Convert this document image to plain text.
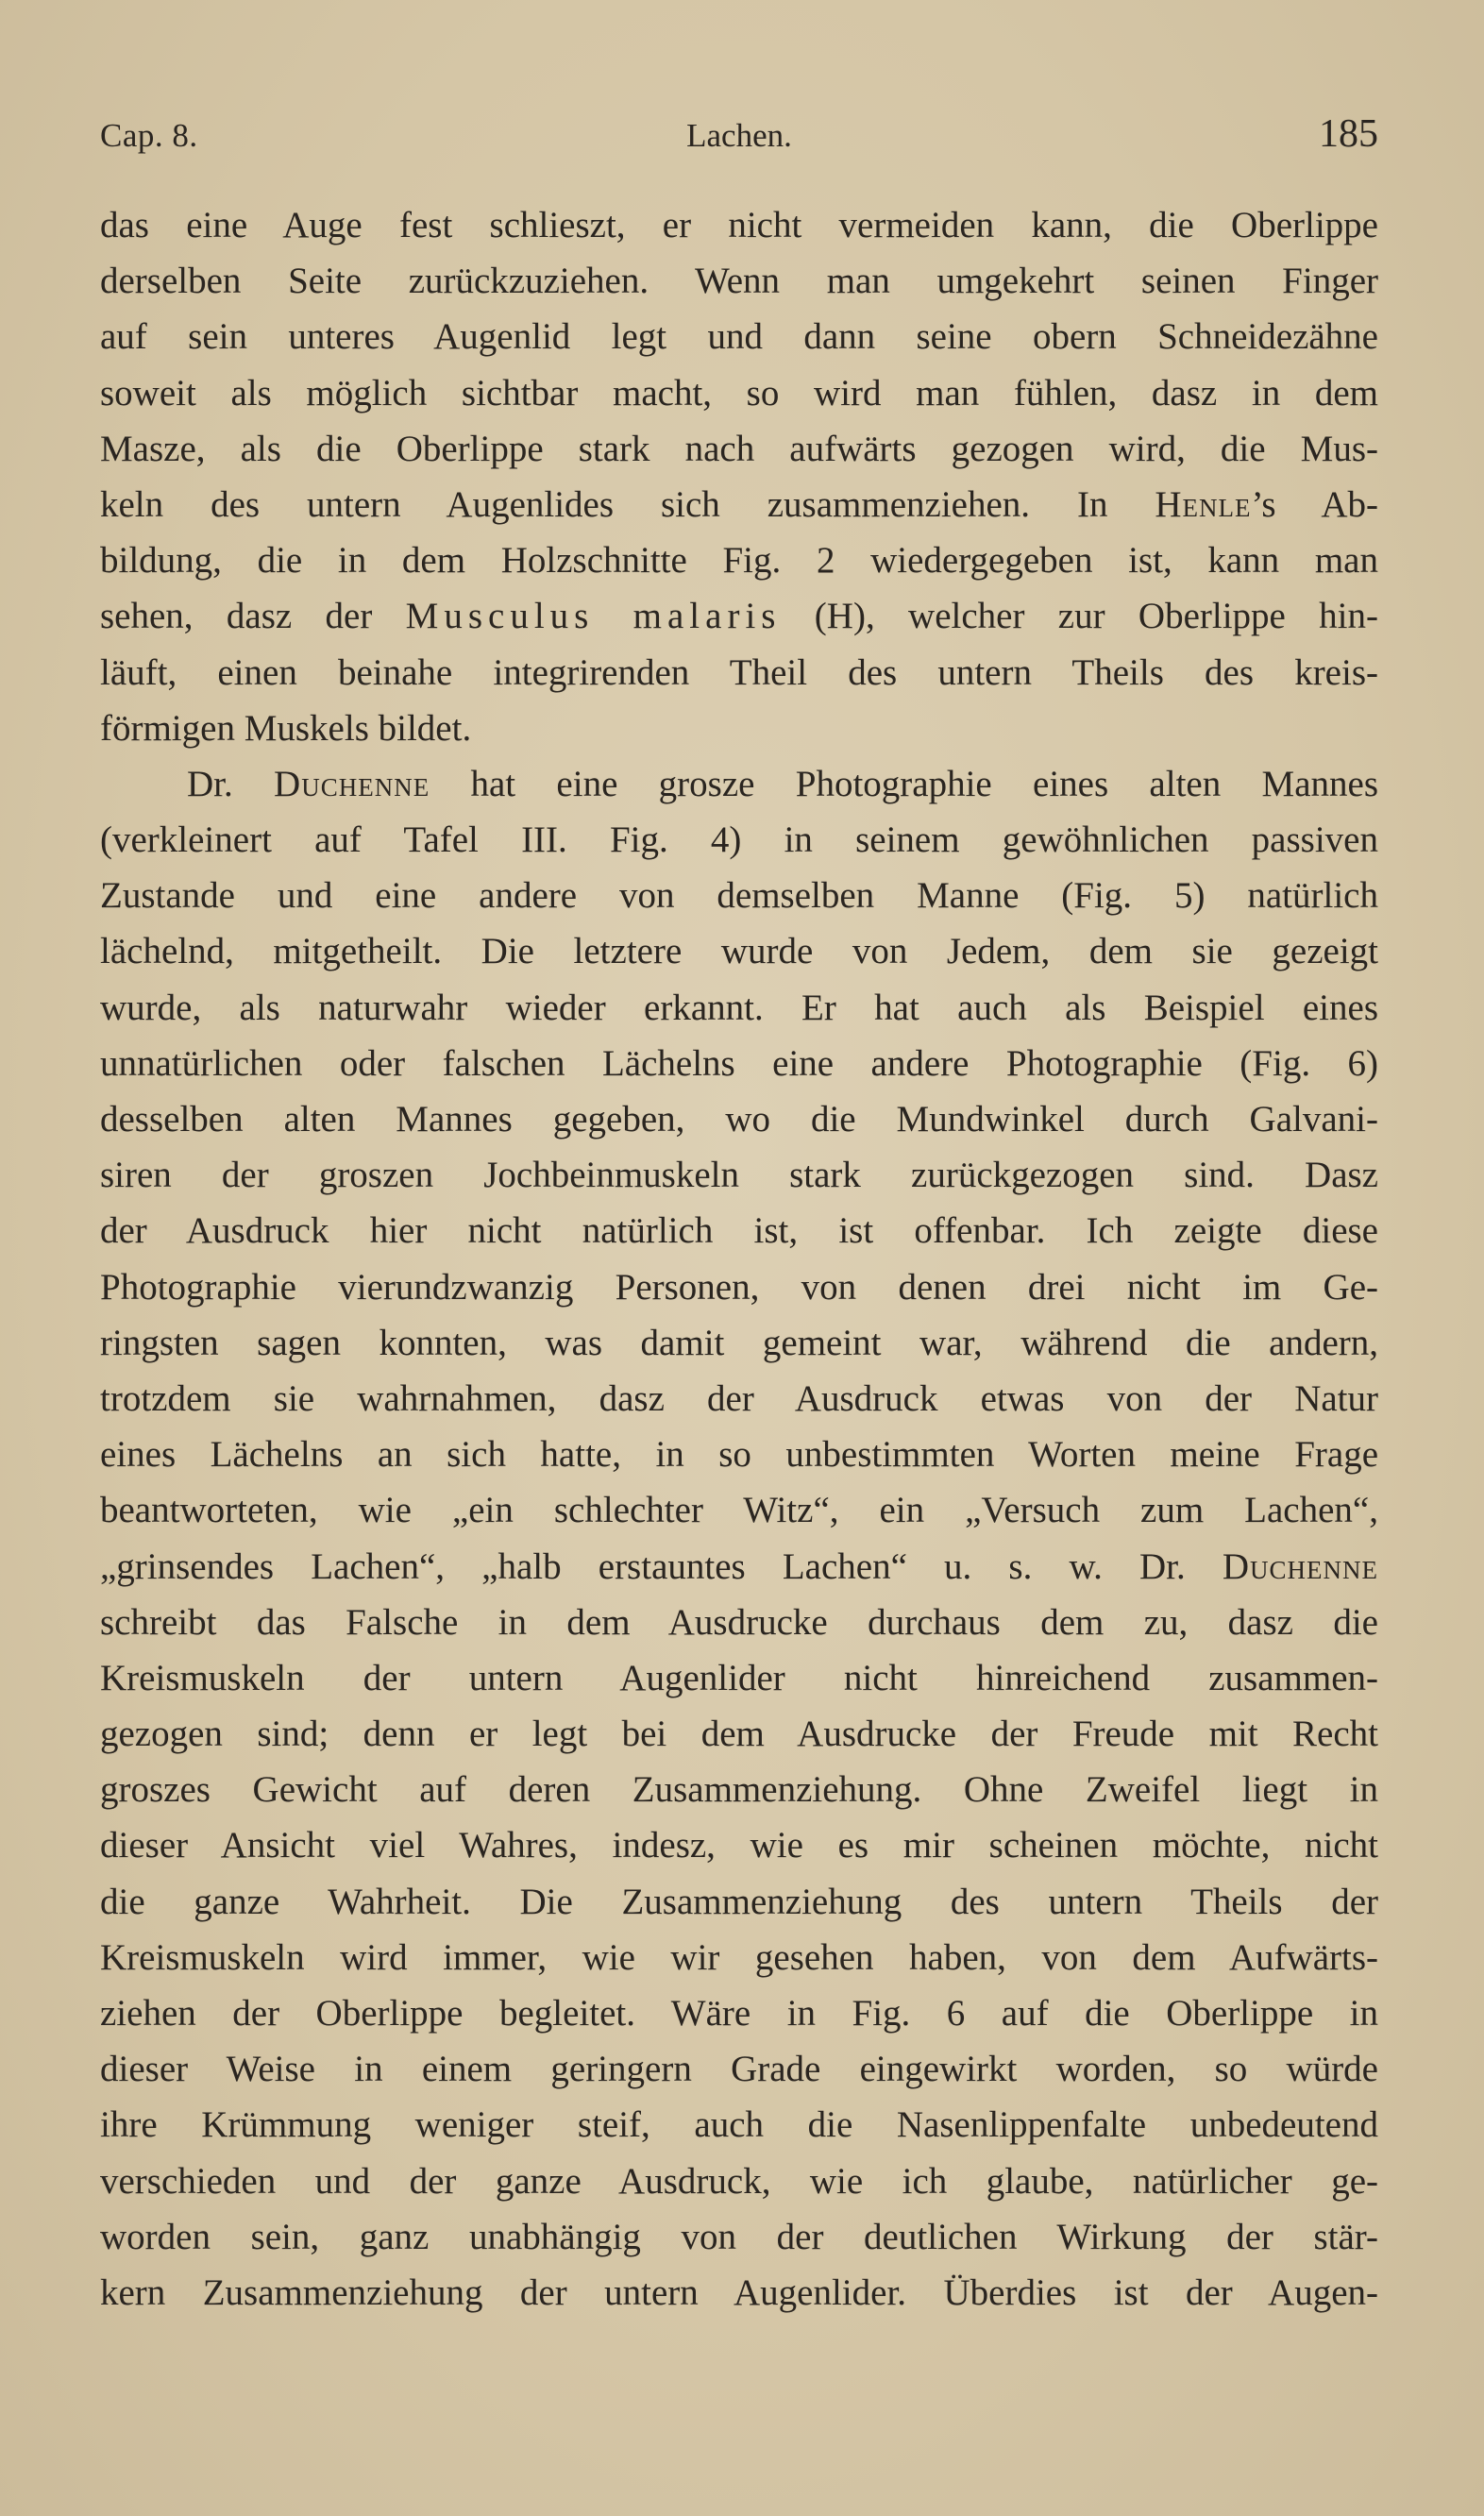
Cap. 8.	Lachen.	185
das eine Auge fest schlieszt, er nicht vermeiden kann, die Oberlippe
derselben Seite zurückzuziehen. Wenn man umgekehrt seinen Finger
auf sein unteres Augenlid legt und dann seine obern Schneidezähne
soweit als möglich sichtbar macht, so wird man fühlen, dasz in dem
Masze, als die Oberlippe stark nach aufwärts gezogen wird, die Mus-
keln des untern Augenlides sich zusammenziehen. In Henle’s Ab-
bildung, die in dem Holzschnitte Fig. 2 wiedergegeben ist, kann man
sehen, dasz der Musculus malaris (H), welcher zur Oberlippe hin-
läuft, einen beinahe integrirenden Theil des untern Theils des kreis-
förmigen Muskels bildet.
Dr. Duchenne hat eine grosze Photographie eines alten Mannes
(verkleinert auf Tafel III. Fig. 4) in seinem gewöhnlichen passiven
Zustande und eine andere von demselben Manne (Fig. 5) natürlich
lächelnd, mitgetheilt. Die letztere wurde von Jedem, dem sie gezeigt
wurde, als naturwahr wieder erkannt. Er hat auch als Beispiel eines
unnatürlichen oder falschen Lächelns eine andere Photographie (Fig. 6)
desselben alten Mannes gegeben, wo die Mundwinkel durch Galvani-
siren der groszen Jochbeinmuskeln stark zurückgezogen sind. Dasz
der Ausdruck hier nicht natürlich ist, ist offenbar. Ich zeigte diese
Photographie vierundzwanzig Personen, von denen drei nicht im Ge-
ringsten sagen konnten, was damit gemeint war, während die andern,
trotzdem sie wahrnahmen, dasz der Ausdruck etwas von der Natur
eines Lächelns an sich hatte, in so unbestimmten Worten meine Frage
beantworteten, wie „ein schlechter Witz“, ein „Versuch zum Lachen“,
„grinsendes Lachen“, „halb erstauntes Lachen“ u. s. w. Dr. Duchenne
schreibt das Falsche in dem Ausdrucke durchaus dem zu, dasz die
Kreismuskeln der untern Augenlider nicht hinreichend zusammen-
gezogen sind; denn er legt bei dem Ausdrucke der Freude mit Recht
groszes Gewicht auf deren Zusammenziehung. Ohne Zweifel liegt in
dieser Ansicht viel Wahres, indesz, wie es mir scheinen möchte, nicht
die ganze Wahrheit. Die Zusammenziehung des untern Theils der
Kreismuskeln wird immer, wie wir gesehen haben, von dem Aufwärts-
ziehen der Oberlippe begleitet. Wäre in Fig. 6 auf die Oberlippe in
dieser Weise in einem geringern Grade eingewirkt worden, so würde
ihre Krümmung weniger steif, auch die Nasenlippenfalte unbedeutend
verschieden und der ganze Ausdruck, wie ich glaube, natürlicher ge-
worden sein, ganz unabhängig von der deutlichen Wirkung der stär-
kern Zusammenziehung der untern Augenlider. Überdies ist der Augen-
